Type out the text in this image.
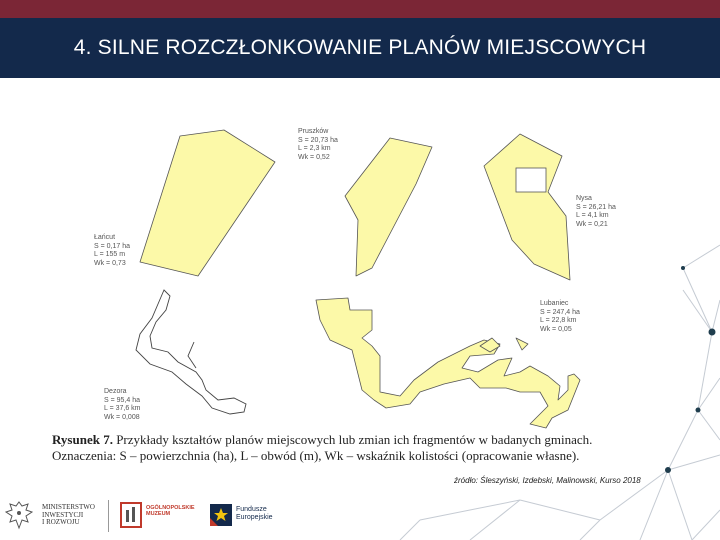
4. SILNE ROZCZŁONKOWANIE PLANÓW MIEJSCOWYCH
Pruszków
S = 20,73 ha
L = 2,3 km
Wk = 0,52
Łańcut
S = 0,17 ha
L = 155 m
Wk = 0,73
Nysa
S = 26,21 ha
L = 4,1 km
Wk = 0,21
Lubaniec
S = 247,4 ha
L = 22,8 km
Wk = 0,05
Dezora
S = 95,4 ha
L = 37,6 km
Wk = 0,008
Rysunek 7. Przykłady kształtów planów miejscowych lub zmian ich fragmentów w badanych gminach.
Oznaczenia: S – powierzchnia (ha), L – obwód (m), Wk – wskaźnik kolistości (opracowanie własne).
źródło: Śleszyński, Izdebski, Malinowski, Kurso 2018
MINISTERSTWO
INWESTYCJI
I ROZWOJU
OGÓLNOPOLSKIE
MUZEUM
Fundusze
Europejskie
